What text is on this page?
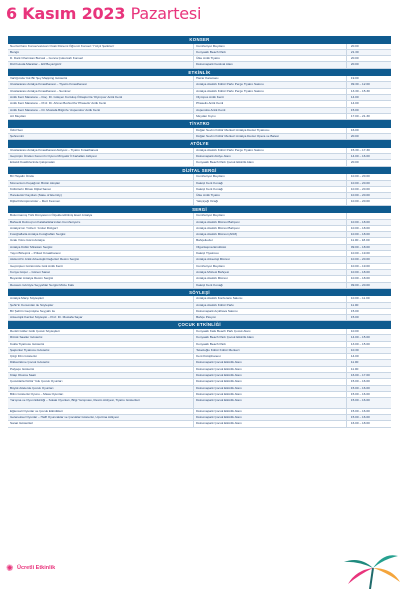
6 Kasım 2023 Pazartesi
KONSER
Nevzat Karo Konservatuvarı Ocak Dönemi Öğrenci Konseri 'Yüzyıl Şarkıları'	Cumhuriyet Meydanı	20.00
Bengü	Konyaaltı Beach Park	21.30
D. Dark Charmian Bursalı – Gonca Çukurcah Konseri	Ülke Antik Tiyatro	20.00
Did Kutuda Marattar – Elif Beyazgüzz	Dokumapark Festival Alanı	20.00
ETKİNLİK
Varlığımda Yok Bir Şey Mapping Gösterisi	Hazar Karaması	19.00
Uluslararası Antalya Kıraathanesi – Tiyatro Kıraathanesi	Antalya Atatürk Kültür Parkı Pergo Tiyatro Salonu	09.30 – 12.00
Uluslararası Antalya Kıraathanesi – Seminer	Antalya Atatürk Kültür Parkı Pergo Tiyatro Salonu	13.30 – 15.30
Antik Kent Maratonu – Doç. Dr. Gökçen Kurtuluş Öztaşkın'la 'Olympos' Antik Kenti	Olympos Antik Kenti	14.00
Antik Kent Maratonu – Prof. Dr. Ahmet Bozkurt'la 'Phaselis' Antik Kenti	Phaselis Antik Kenti	14.00
Antik Kent Maratonu – Dr. Mustafa Bilgin'le 'Aspendos' Antik Kenti	Aspendos Antik Kenti	15.00
Art Meydan	Meydan Kıyısı	17.00 – 21.30
TİYATRO
Ödül Sen	Doğan Sevim Kültür Merkezi Antalya Devlet Tiyatrosu	16.00
Şehremini	Doğan Sevim Kültür Merkezi Antalya Devlet Opera ve Balesi	20.00
ATÖLYE
Uluslararası Antalya Kıraathanesi Atölyesi – Tiyatro Kıraathanesi	Antalya Atatürk Kültür Parkı Pergo Tiyatro Salonu	15.30 – 17.30
Geçmişin İzinden Kerem'in Oyunu Minyatür İl Kartalları Atölyesi	Dokumapark Atölye Alanı	14.00 – 16.00
Erkekli Kuaförlerinde Çalışmaları	Konyaaltı Beach Park Çocuk Etkinlik Alanı	20.00
DİJİTAL SERGİ
Bir Hayalin İzinde	Cumhuriyet Meydanı	10.00 – 20.00
Momentum Kuşağının Bütün Akışları	Kaleiçi Kent Konağı	10.00 – 20.00
Kültürlerin Mirası Dijital Sanat	Kaleiçi Kent Konağı	10.00 – 20.00
Hareketsiz Kayıtları (State of Eternity)	Ülke Antik Tiyatro	10.00 – 20.00
Dijital Dönüşümcüler – Mert Kesmen	Yalıçiçeği Ocağı	10.00 – 20.00
SERGİ
Bulunmamış Türk Dünyasının Ölçeklendirilmiş Eseri Antalya	Cumhuriyet Meydanı
Bahsetti Dolmuş'un Kalabalıklarından Cumhuriyet'e	Antalya Atatürk Müzesi Bahçesi	10.00 – 18.00
Antalya'nın Yüzleri: 'Anılar Rüzgarı'	Antalya Atatürk Müzesi Bahçesi	10.00 – 18.00
Fotoğraflarla Antalya Fotoğrafları Sergisi	Antalya Atatürk Müzesi (AKM)	10.00 – 18.00
Ucak Yolcu Gücü Antalya	Bahçelievler	11.00 – 18.00
Antalya Kültür Mirasları Sergisi	Olgunlaşma Enstitüsü	09.00 – 18.00
Yayın Birleşimi – Prikaz Kıraathanesi	Kaleiçi Tiyatrosu	10.00 – 19.00
Akdeniz'in Antik Arkeolojik Değerleri Resim Sergisi	Antalya Arkeoloji Müzesi	10.00 – 20.00
Geçmişten Günümüze Gök Antik Kenti	Cumhuriyet Meydanı	10.00 – 19.00
Konya Göçer – Gönen Sanat	Antalya Müzesi Bahçesi	10.00 – 18.00
Beyanlar Antalya Resim Sergisi	Antalya Atatürk Müzesi	10.00 – 18.00
Ressam Gözüyle Seyyahlar Sergisi Müze Kafe	Kaleiçi Kent Konağı	09.00 – 20.00
SÖYLEŞİ
Antalya Marşı Söyleşileri	Antalya Atatürk Konferans Salonu	10.00 – 11.00
Şehir'in Konumları ile Söyleşiler	Antalya Atatürk Kültür Parkı	11.00
Bir Şehrin Geçmişine Seyyahı ile	Dokumapark Açıkhava Salonu	15.00
Arkeolojik Kazılar Söyleşisi – Prof. Dr. Mustafa Sayar	Bahçe Pavyon	15.00
ÇOCUK ETKİNLİĞİ
Renkli Göller Gölü Çocuk Söyleşileri	Konyaaltı Kafe Beach Park Çocuk Alanı	10.00
Ritmik Saatler Gösterisi	Konyaaltı Beach Park Çocuk Etkinlik Alanı	14.00 – 15.00
Kukla Tiyatrosu Gösterisi	Konyaaltı Beach Park	13.00 – 15.00
Şaşkınlar Tiyatrosu Gösterisi	Tekelioğlu Kültür Kültür Merkezi	10.30
Çizgi Film Gösterisi	Kent Kütüphanesi	14.00
Dikkat Etme Çocuk Gösterisi	Dokumapark Çocuk Etkinlik Alanı	11.00
Palyaço Gösterisi	Dokumapark Çocuk Etkinlik Alanı	11.00
Kitap Okuma Saati	Dokumapark Çocuk Etkinlik Alanı	16.00 – 17.00
Çocuklarla Kültür Yolu Çocuk Oyunları	Dokumapark Çocuk Etkinlik Alanı	15.00 – 16.00
Büyük Ailelerde Çocuk Oyunları	Dokumapark Çocuk Etkinlik Alanı	15.00 – 16.00
Bilim Gösterisi Oyunu – Masa Oyunları	Dokumapark Çocuk Etkinlik Alanı	15.00 – 16.00
Yarışma ve Oyun Etkinliği – Sokak Oyunları, Bilgi Yarışması, Resim Atölyesi, Tiyatro Gösterileri	Dokumapark Çocuk Etkinlik Alanı	15.00 – 16.00
Eğlenceli Oyunlar ve Çocuk Etkinlikleri	Dokumapark Çocuk Etkinlik Alanı	15.00 – 16.00
Geleneksel Oyunlar – Hafif Oyuncaklar ve Çocuklar Gösterisi, Uçurtma Atölyesi	Dokumapark Çocuk Etkinlik Alanı	15.00 – 16.00
Sanat Gösterileri	Dokumapark Çocuk Etkinlik Alanı	16.00 – 18.00
✺ Ücretli Etkinlik
